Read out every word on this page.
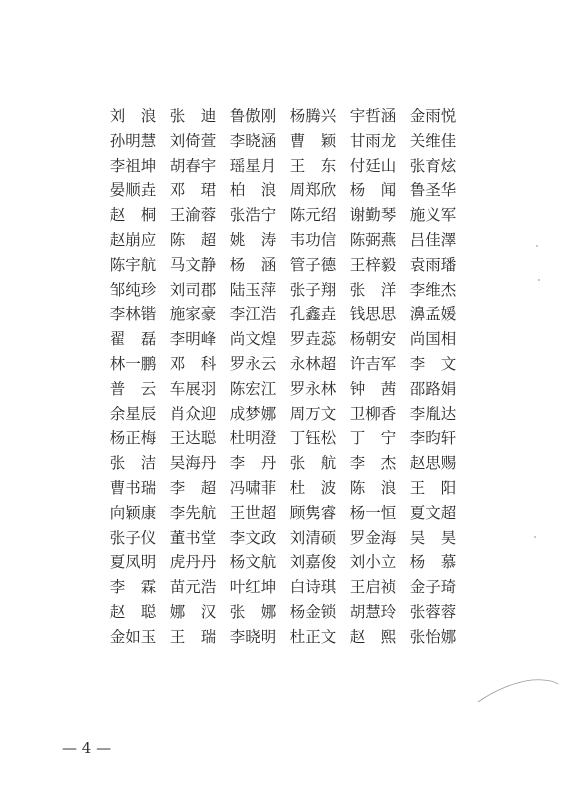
刘　浪 张　迪 鲁傲刚 杨腾兴 宇哲涵 金雨悦
孙明慧 刘倚萱 李晓涵 曹　颖 甘雨龙 关维佳
李祖坤 胡春宇 瑶星月 王　东 付廷山 张育炫
晏顺垚 邓　珺 柏　浪 周郑欣 杨　闻 鲁圣华
赵　桐 王渝蓉 张浩宁 陈元绍 谢勤琴 施义军
赵崩应 陈　超 姚　涛 韦功信 陈弼燕 吕佳澤
陈宇航 马文静 杨　涵 管子德 王梓毅 袁雨璠
邹纯珍 刘司郡 陆玉萍 张子翔 张　洋 李维杰
李林锴 施家豪 李江浩 孔鑫垚 钱思思 濞孟媛
翟　磊 李明峰 尚文煌 罗垚蕊 杨朝安 尚国相
林一鹏 邓　科 罗永云 永林超 许吉军 李　文
普　云 车展羽 陈宏江 罗永林 钟　茜 邵路娟
余星辰 肖众迎 成梦娜 周万文 卫柳香 李胤达
杨正梅 王达聪 杜明澄 丁钰松 丁　宁 李昀轩
张　洁 吴海丹 李　丹 张　航 李　杰 赵思赐
曹书瑞 李　超 冯啸菲 杜　波 陈　浪 王　阳
向颖康 李先航 王世超 顾隽睿 杨一恒 夏文超
张子仪 董书堂 李文政 刘清硕 罗金海 吴　昊
夏凤明 虎丹丹 杨文航 刘嘉俊 刘小立 杨　慕
李　霖 苗元浩 叶红坤 白诗琪 王启祯 金子琦
赵　聪 娜　汉 张　娜 杨金锁 胡慧玲 张蓉蓉
金如玉 王　瑞 李晓明 杜正文 赵　熙 张怡娜
— 4 —
